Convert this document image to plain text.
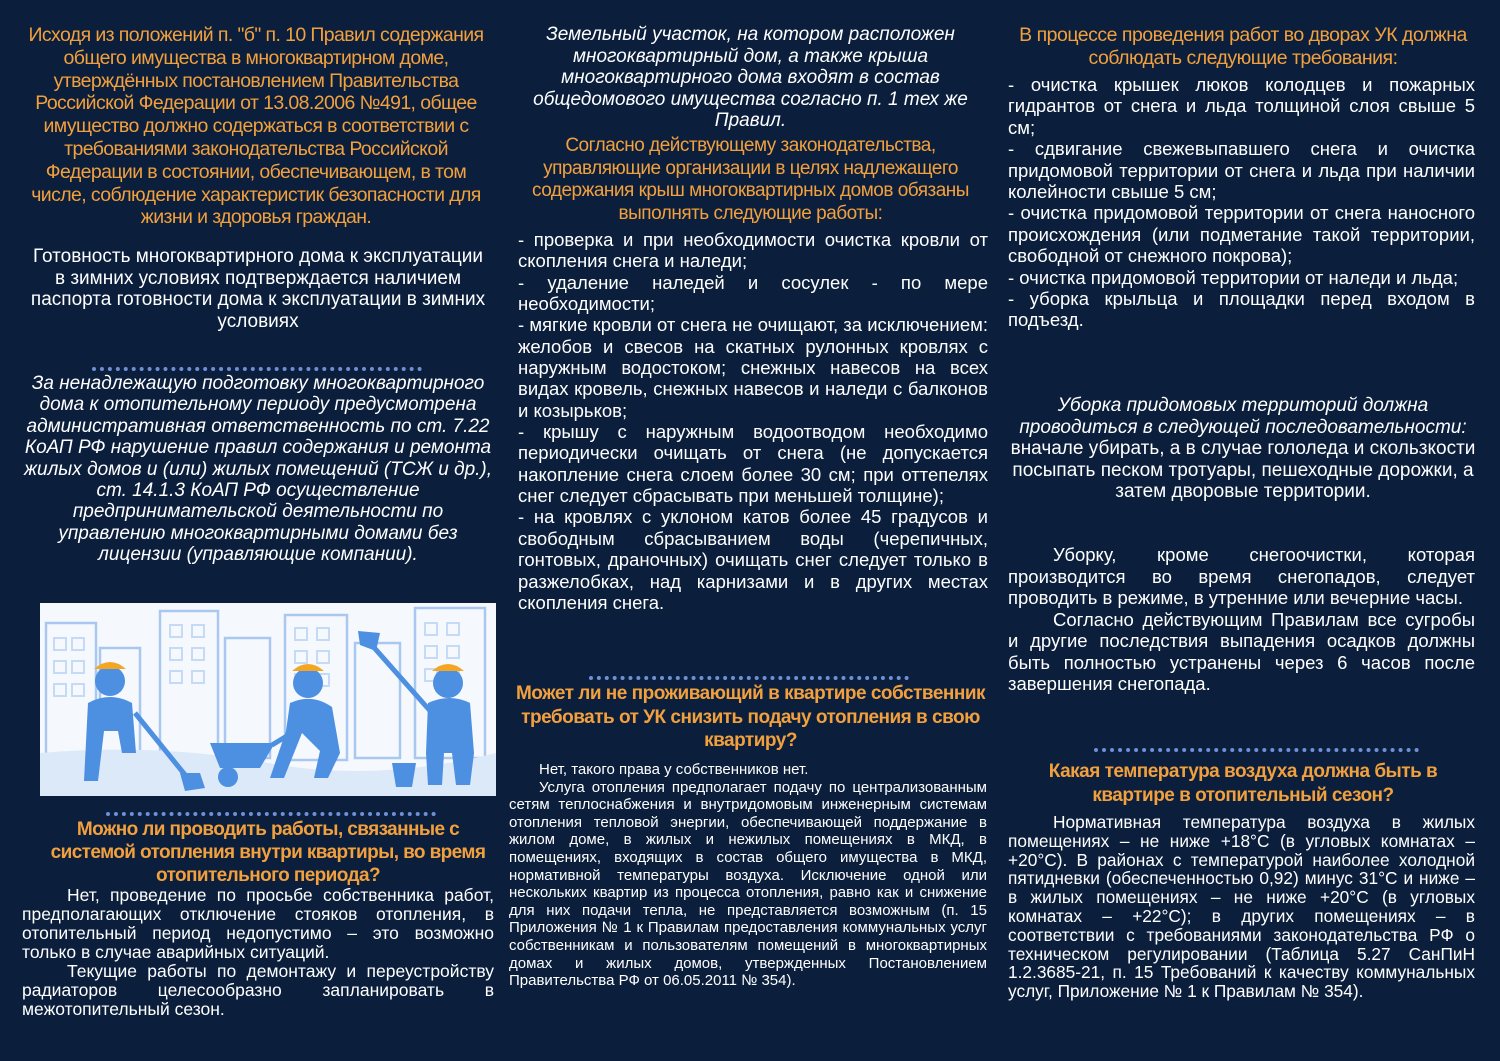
Исходя из положений п. "б" п. 10 Правил содержания общего имущества в многоквартирном доме, утверждённых постановлением Правительства Российской Федерации от 13.08.2006 №491, общее имущество должно содержаться в соответствии с требованиями законодательства Российской Федерации в состоянии, обеспечивающем, в том числе, соблюдение характеристик безопасности для жизни и здоровья граждан.
Готовность многоквартирного дома к эксплуатации в зимних условиях подтверждается наличием паспорта готовности дома к эксплуатации в зимних условиях
За ненадлежащую подготовку многоквартирного дома к отопительному периоду предусмотрена административная ответственность по ст. 7.22 КоАП РФ нарушение правил содержания и ремонта жилых домов и (или) жилых помещений (ТСЖ и др.), ст. 14.1.3 КоАП РФ осуществление предпринимательской деятельности по управлению многоквартирными домами без лицензии (управляющие компании).
Можно ли проводить работы, связанные с системой отопления внутри квартиры, во время отопительного периода?
Нет, проведение по просьбе собственника работ, предполагающих отключение стояков отопления, в отопительный период недопустимо – это возможно только в случае аварийных ситуаций.
Текущие работы по демонтажу и переустройству радиаторов целесообразно запланировать в межотопительный сезон.
Земельный участок, на котором расположен многоквартирный дом, а также крыша многоквартирного дома входят в состав общедомового имущества согласно п. 1 тех же Правил.
Согласно действующему законодательства, управляющие организации в целях надлежащего содержания крыш многоквартирных домов обязаны выполнять следующие работы:
- проверка и при необходимости очистка кровли от скопления снега и наледи;
- удаление наледей и сосулек - по мере необходимости;
- мягкие кровли от снега не очищают, за исключением: желобов и свесов на скатных рулонных кровлях с наружным водостоком; снежных навесов на всех видах кровель, снежных навесов и наледи с балконов и козырьков;
- крышу с наружным водоотводом необходимо периодически очищать от снега (не допускается накопление снега слоем более 30 см; при оттепелях снег следует сбрасывать при меньшей толщине);
- на кровлях с уклоном катов более 45 градусов и свободным сбрасыванием воды (черепичных, гонтовых, драночных) очищать снег следует только в разжелобках, над карнизами и в других местах скопления снега.
Может ли не проживающий в квартире собственник требовать от УК снизить подачу отопления в свою квартиру?
Нет, такого права у собственников нет.
Услуга отопления предполагает подачу по централизованным сетям теплоснабжения и внутридомовым инженерным системам отопления тепловой энергии, обеспечивающей поддержание в жилом доме, в жилых и нежилых помещениях в МКД, в помещениях, входящих в состав общего имущества в МКД, нормативной температуры воздуха. Исключение одной или нескольких квартир из процесса отопления, равно как и снижение для них подачи тепла, не представляется возможным (п. 15 Приложения № 1 к Правилам предоставления коммунальных услуг собственникам и пользователям помещений в многоквартирных домах и жилых домов, утвержденных Постановлением Правительства РФ от 06.05.2011 № 354).
В процессе проведения работ во дворах УК должна соблюдать следующие требования:
- очистка крышек люков колодцев и пожарных гидрантов от снега и льда толщиной слоя свыше 5 см;
- сдвигание свежевыпавшего снега и очистка придомовой территории от снега и льда при наличии колейности свыше 5 см;
- очистка придомовой территории от снега наносного происхождения (или подметание такой территории, свободной от снежного покрова);
- очистка придомовой территории от наледи и льда;
- уборка крыльца и площадки перед входом в подъезд.
Уборка придомовых территорий должна проводиться в следующей последовательности: вначале убирать, а в случае гололеда и скользкости посыпать песком тротуары, пешеходные дорожки, а затем дворовые территории.
Уборку, кроме снегоочистки, которая производится во время снегопадов, следует проводить в режиме, в утренние или вечерние часы.
Согласно действующим Правилам все сугробы и другие последствия выпадения осадков должны быть полностью устранены через 6 часов после завершения снегопада.
Какая температура воздуха должна быть в квартире в отопительный сезон?
Нормативная температура воздуха в жилых помещениях – не ниже +18°С (в угловых комнатах – +20°С). В районах с температурой наиболее холодной пятидневки (обеспеченностью 0,92) минус 31°С и ниже – в жилых помещениях – не ниже +20°С (в угловых комнатах – +22°С); в других помещениях – в соответствии с требованиями законодательства РФ о техническом регулировании (Таблица 5.27 СанПиН 1.2.3685-21, п. 15 Требований к качеству коммунальных услуг, Приложение № 1 к Правилам № 354).
